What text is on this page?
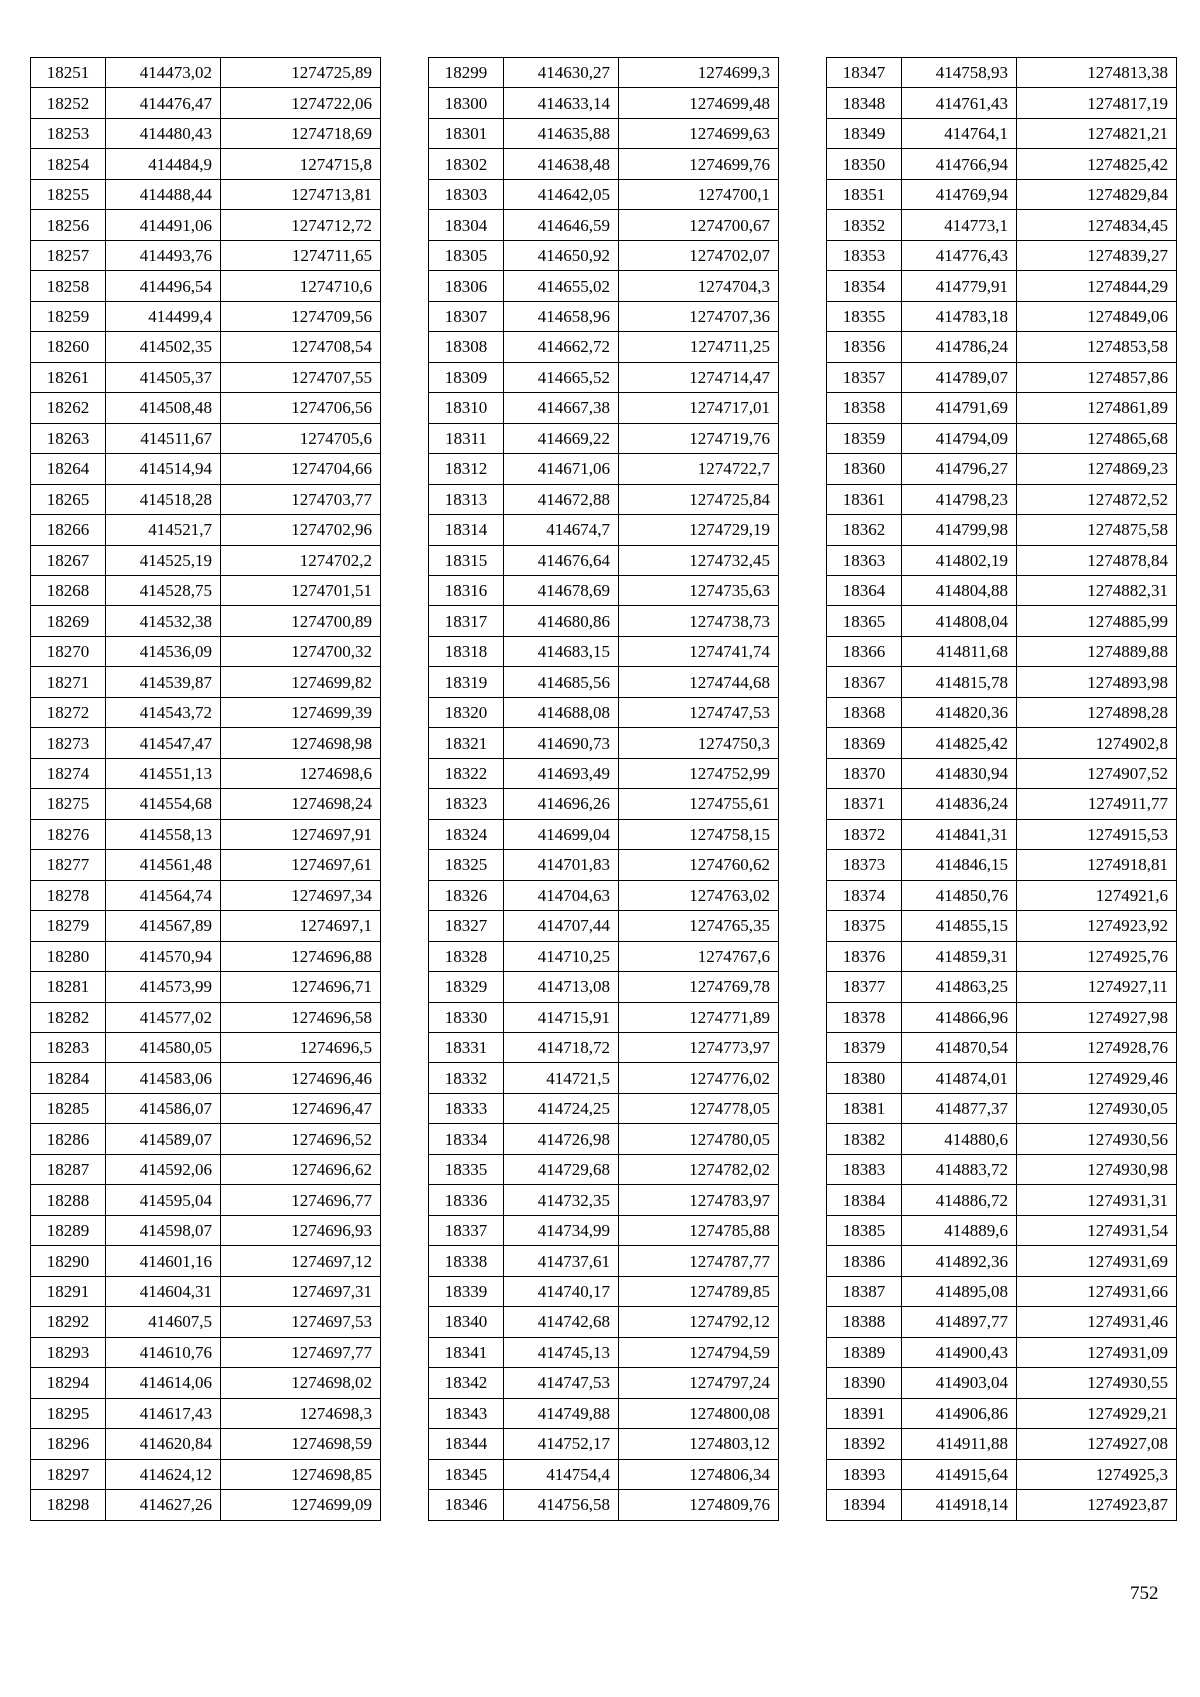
18251	414473,02	1274725,89
18252	414476,47	1274722,06
18253	414480,43	1274718,69
18254	414484,9	1274715,8
18255	414488,44	1274713,81
18256	414491,06	1274712,72
18257	414493,76	1274711,65
18258	414496,54	1274710,6
18259	414499,4	1274709,56
18260	414502,35	1274708,54
18261	414505,37	1274707,55
18262	414508,48	1274706,56
18263	414511,67	1274705,6
18264	414514,94	1274704,66
18265	414518,28	1274703,77
18266	414521,7	1274702,96
18267	414525,19	1274702,2
18268	414528,75	1274701,51
18269	414532,38	1274700,89
18270	414536,09	1274700,32
18271	414539,87	1274699,82
18272	414543,72	1274699,39
18273	414547,47	1274698,98
18274	414551,13	1274698,6
18275	414554,68	1274698,24
18276	414558,13	1274697,91
18277	414561,48	1274697,61
18278	414564,74	1274697,34
18279	414567,89	1274697,1
18280	414570,94	1274696,88
18281	414573,99	1274696,71
18282	414577,02	1274696,58
18283	414580,05	1274696,5
18284	414583,06	1274696,46
18285	414586,07	1274696,47
18286	414589,07	1274696,52
18287	414592,06	1274696,62
18288	414595,04	1274696,77
18289	414598,07	1274696,93
18290	414601,16	1274697,12
18291	414604,31	1274697,31
18292	414607,5	1274697,53
18293	414610,76	1274697,77
18294	414614,06	1274698,02
18295	414617,43	1274698,3
18296	414620,84	1274698,59
18297	414624,12	1274698,85
18298	414627,26	1274699,09
18299	414630,27	1274699,3
18300	414633,14	1274699,48
18301	414635,88	1274699,63
18302	414638,48	1274699,76
18303	414642,05	1274700,1
18304	414646,59	1274700,67
18305	414650,92	1274702,07
18306	414655,02	1274704,3
18307	414658,96	1274707,36
18308	414662,72	1274711,25
18309	414665,52	1274714,47
18310	414667,38	1274717,01
18311	414669,22	1274719,76
18312	414671,06	1274722,7
18313	414672,88	1274725,84
18314	414674,7	1274729,19
18315	414676,64	1274732,45
18316	414678,69	1274735,63
18317	414680,86	1274738,73
18318	414683,15	1274741,74
18319	414685,56	1274744,68
18320	414688,08	1274747,53
18321	414690,73	1274750,3
18322	414693,49	1274752,99
18323	414696,26	1274755,61
18324	414699,04	1274758,15
18325	414701,83	1274760,62
18326	414704,63	1274763,02
18327	414707,44	1274765,35
18328	414710,25	1274767,6
18329	414713,08	1274769,78
18330	414715,91	1274771,89
18331	414718,72	1274773,97
18332	414721,5	1274776,02
18333	414724,25	1274778,05
18334	414726,98	1274780,05
18335	414729,68	1274782,02
18336	414732,35	1274783,97
18337	414734,99	1274785,88
18338	414737,61	1274787,77
18339	414740,17	1274789,85
18340	414742,68	1274792,12
18341	414745,13	1274794,59
18342	414747,53	1274797,24
18343	414749,88	1274800,08
18344	414752,17	1274803,12
18345	414754,4	1274806,34
18346	414756,58	1274809,76
18347	414758,93	1274813,38
18348	414761,43	1274817,19
18349	414764,1	1274821,21
18350	414766,94	1274825,42
18351	414769,94	1274829,84
18352	414773,1	1274834,45
18353	414776,43	1274839,27
18354	414779,91	1274844,29
18355	414783,18	1274849,06
18356	414786,24	1274853,58
18357	414789,07	1274857,86
18358	414791,69	1274861,89
18359	414794,09	1274865,68
18360	414796,27	1274869,23
18361	414798,23	1274872,52
18362	414799,98	1274875,58
18363	414802,19	1274878,84
18364	414804,88	1274882,31
18365	414808,04	1274885,99
18366	414811,68	1274889,88
18367	414815,78	1274893,98
18368	414820,36	1274898,28
18369	414825,42	1274902,8
18370	414830,94	1274907,52
18371	414836,24	1274911,77
18372	414841,31	1274915,53
18373	414846,15	1274918,81
18374	414850,76	1274921,6
18375	414855,15	1274923,92
18376	414859,31	1274925,76
18377	414863,25	1274927,11
18378	414866,96	1274927,98
18379	414870,54	1274928,76
18380	414874,01	1274929,46
18381	414877,37	1274930,05
18382	414880,6	1274930,56
18383	414883,72	1274930,98
18384	414886,72	1274931,31
18385	414889,6	1274931,54
18386	414892,36	1274931,69
18387	414895,08	1274931,66
18388	414897,77	1274931,46
18389	414900,43	1274931,09
18390	414903,04	1274930,55
18391	414906,86	1274929,21
18392	414911,88	1274927,08
18393	414915,64	1274925,3
18394	414918,14	1274923,87
752
